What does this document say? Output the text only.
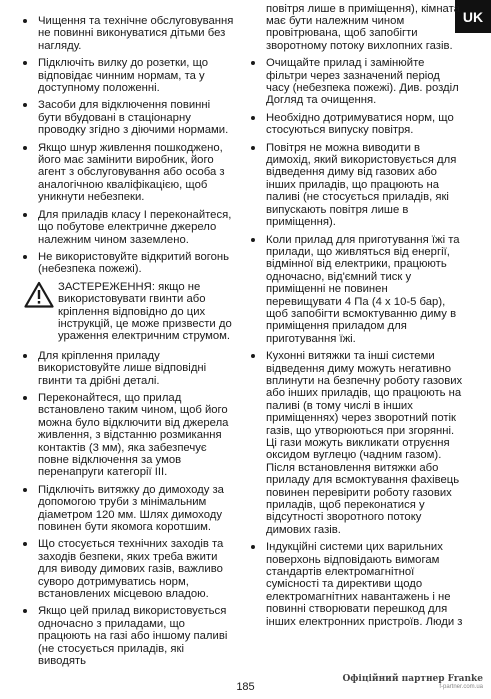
UK
Чищення та технічне обслуговування не повинні виконуватися дітьми без нагляду.
Підключіть вилку до розетки, що відповідає чинним нормам, та у доступному положенні.
Засоби для відключення повинні бути вбудовані в стаціонарну проводку згідно з діючими нормами.
Якщо шнур живлення пошкоджено, його має замінити виробник, його агент з обслуговування або особа з аналогічною кваліфікацією, щоб уникнути небезпеки.
Для приладів класу І переконайтеся, що побутове електричне джерело належним чином заземлено.
Не використовуйте відкритий вогонь (небезпека пожежі).
ЗАСТЕРЕЖЕННЯ: якщо не використовувати гвинти або кріплення відповідно до цих інструкцій, це може призвести до ураження електричним струмом.
Для кріплення приладу використовуйте лише відповідні гвинти та дрібні деталі.
Переконайтеся, що прилад встановлено таким чином, щоб його можна було відключити від джерела живлення, з відстанню розмикання контактів (3 мм), яка забезпечує повне відключення за умов перенапруги категорії III.
Підключіть витяжку до димоходу за допомогою труби з мінімальним діаметром 120 мм. Шлях димоходу повинен бути якомога коротшим.
Що стосується технічних заходів та заходів безпеки, яких треба вжити для виводу димових газів, важливо суворо дотримуватись норм, встановлених місцевою владою.
Якщо цей прилад використовується одночасно з приладами, що працюють на газі або іншому паливі (не стосується приладів, які виводять
повітря лише в приміщення), кімната має бути належним чином провітрювана, щоб запобігти зворотному потоку вихлопних газів.
Очищайте прилад і замінюйте фільтри через зазначений період часу (небезпека пожежі). Див. розділ Догляд та очищення.
Необхідно дотримуватися норм, що стосуються випуску повітря.
Повітря не можна виводити в димохід, який використовується для відведення диму від газових або інших приладів, що працюють на паливі (не стосується приладів, які випускають повітря лише в приміщення).
Коли прилад для приготування їжі та прилади, що живляться від енергії, відмінної від електрики, працюють одночасно, від'ємний тиск у приміщенні не повинен перевищувати 4 Па (4 x 10-5 бар), щоб запобігти всмоктуванню диму в приміщення приладом для приготування їжі.
Кухонні витяжки та інші системи відведення диму можуть негативно вплинути на безпечну роботу газових або інших приладів, що працюють на паливі (в тому числі в інших приміщеннях) через зворотний потік газів, що утворюються при згорянні. Ці гази можуть викликати отруєння оксидом вуглецю (чадним газом). Після встановлення витяжки або приладу для всмоктування фахівець повинен перевірити роботу газових приладів, щоб переконатися у відсутності зворотного потоку димових газів.
Індукційні системи цих варильних поверхонь відповідають вимогам стандартів електромагнітної сумісності та директиви щодо електромагнітних навантажень і не повинні створювати перешкод для інших електронних пристроїв. Люди з
185
Офіційний партнер Franke
f-partner.com.ua
